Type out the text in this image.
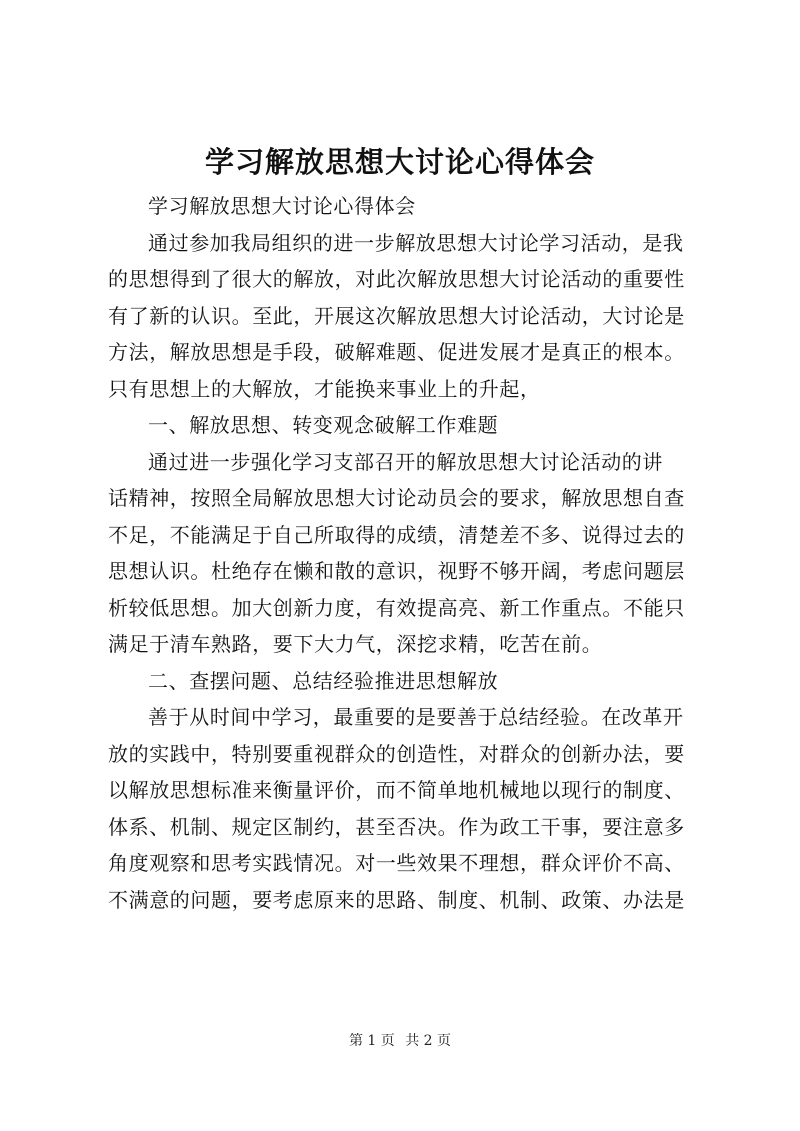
学习解放思想大讨论心得体会
学习解放思想大讨论心得体会
通过参加我局组织的进一步解放思想大讨论学习活动，是我
的思想得到了很大的解放，对此次解放思想大讨论活动的重要性
有了新的认识。至此，开展这次解放思想大讨论活动，大讨论是
方法，解放思想是手段，破解难题、促进发展才是真正的根本。
只有思想上的大解放，才能换来事业上的升起，
一、解放思想、转变观念破解工作难题
通过进一步强化学习支部召开的解放思想大讨论活动的讲
话精神，按照全局解放思想大讨论动员会的要求，解放思想自查
不足，不能满足于自己所取得的成绩，清楚差不多、说得过去的
思想认识。杜绝存在懒和散的意识，视野不够开阔，考虑问题层
析较低思想。加大创新力度，有效提高亮、新工作重点。不能只
满足于清车熟路，要下大力气，深挖求精，吃苦在前。
二、查摆问题、总结经验推进思想解放
善于从时间中学习，最重要的是要善于总结经验。在改革开
放的实践中，特别要重视群众的创造性，对群众的创新办法，要
以解放思想标准来衡量评价，而不简单地机械地以现行的制度、
体系、机制、规定区制约，甚至否决。作为政工干事，要注意多
角度观察和思考实践情况。对一些效果不理想，群众评价不高、
不满意的问题，要考虑原来的思路、制度、机制、政策、办法是
第 1 页 共 2 页
